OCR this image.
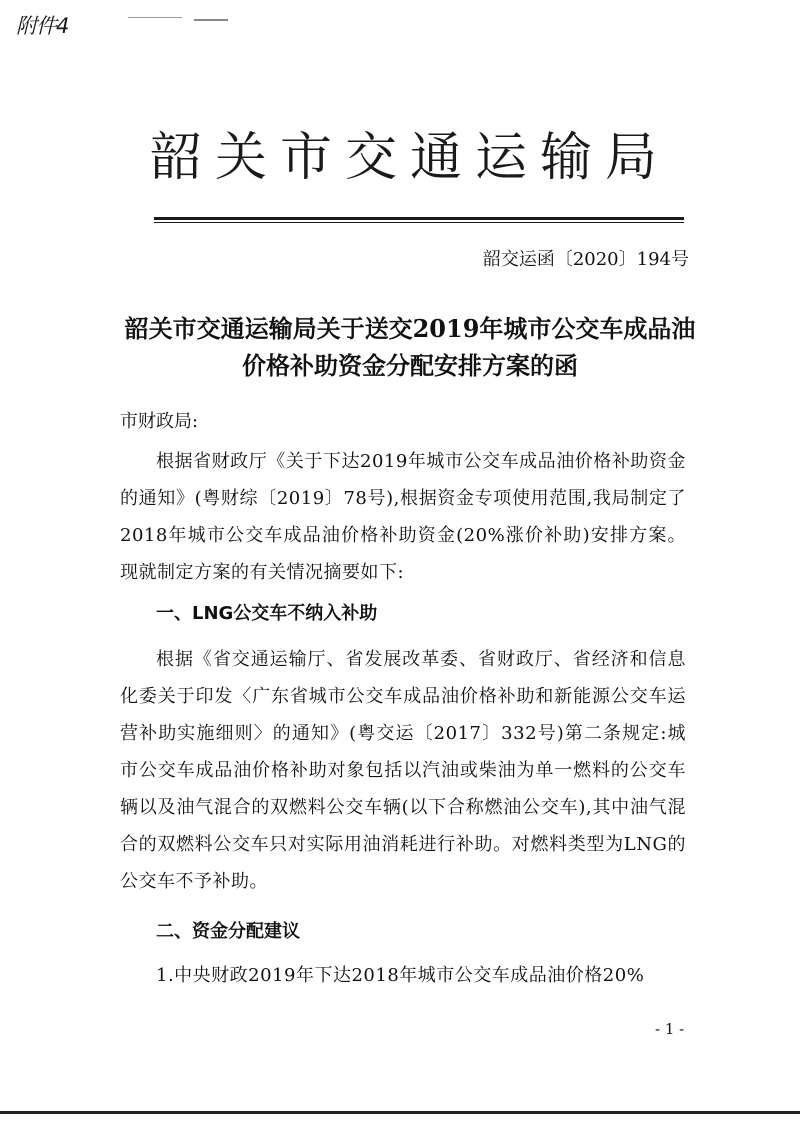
附件4
韶关市交通运输局
韶交运函〔2020〕194号
韶关市交通运输局关于送交2019年城市公交车成品油价格补助资金分配安排方案的函
市财政局:
根据省财政厅《关于下达2019年城市公交车成品油价格补助资金的通知》(粤财综〔2019〕78号),根据资金专项使用范围,我局制定了2018年城市公交车成品油价格补助资金(20%涨价补助)安排方案。现就制定方案的有关情况摘要如下:
一、LNG公交车不纳入补助
根据《省交通运输厅、省发展改革委、省财政厅、省经济和信息化委关于印发〈广东省城市公交车成品油价格补助和新能源公交车运营补助实施细则〉的通知》(粤交运〔2017〕332号)第二条规定:城市公交车成品油价格补助对象包括以汽油或柴油为单一燃料的公交车辆以及油气混合的双燃料公交车辆(以下合称燃油公交车),其中油气混合的双燃料公交车只对实际用油消耗进行补助。对燃料类型为LNG的公交车不予补助。
二、资金分配建议
1.中央财政2019年下达2018年城市公交车成品油价格20%
- 1 -
